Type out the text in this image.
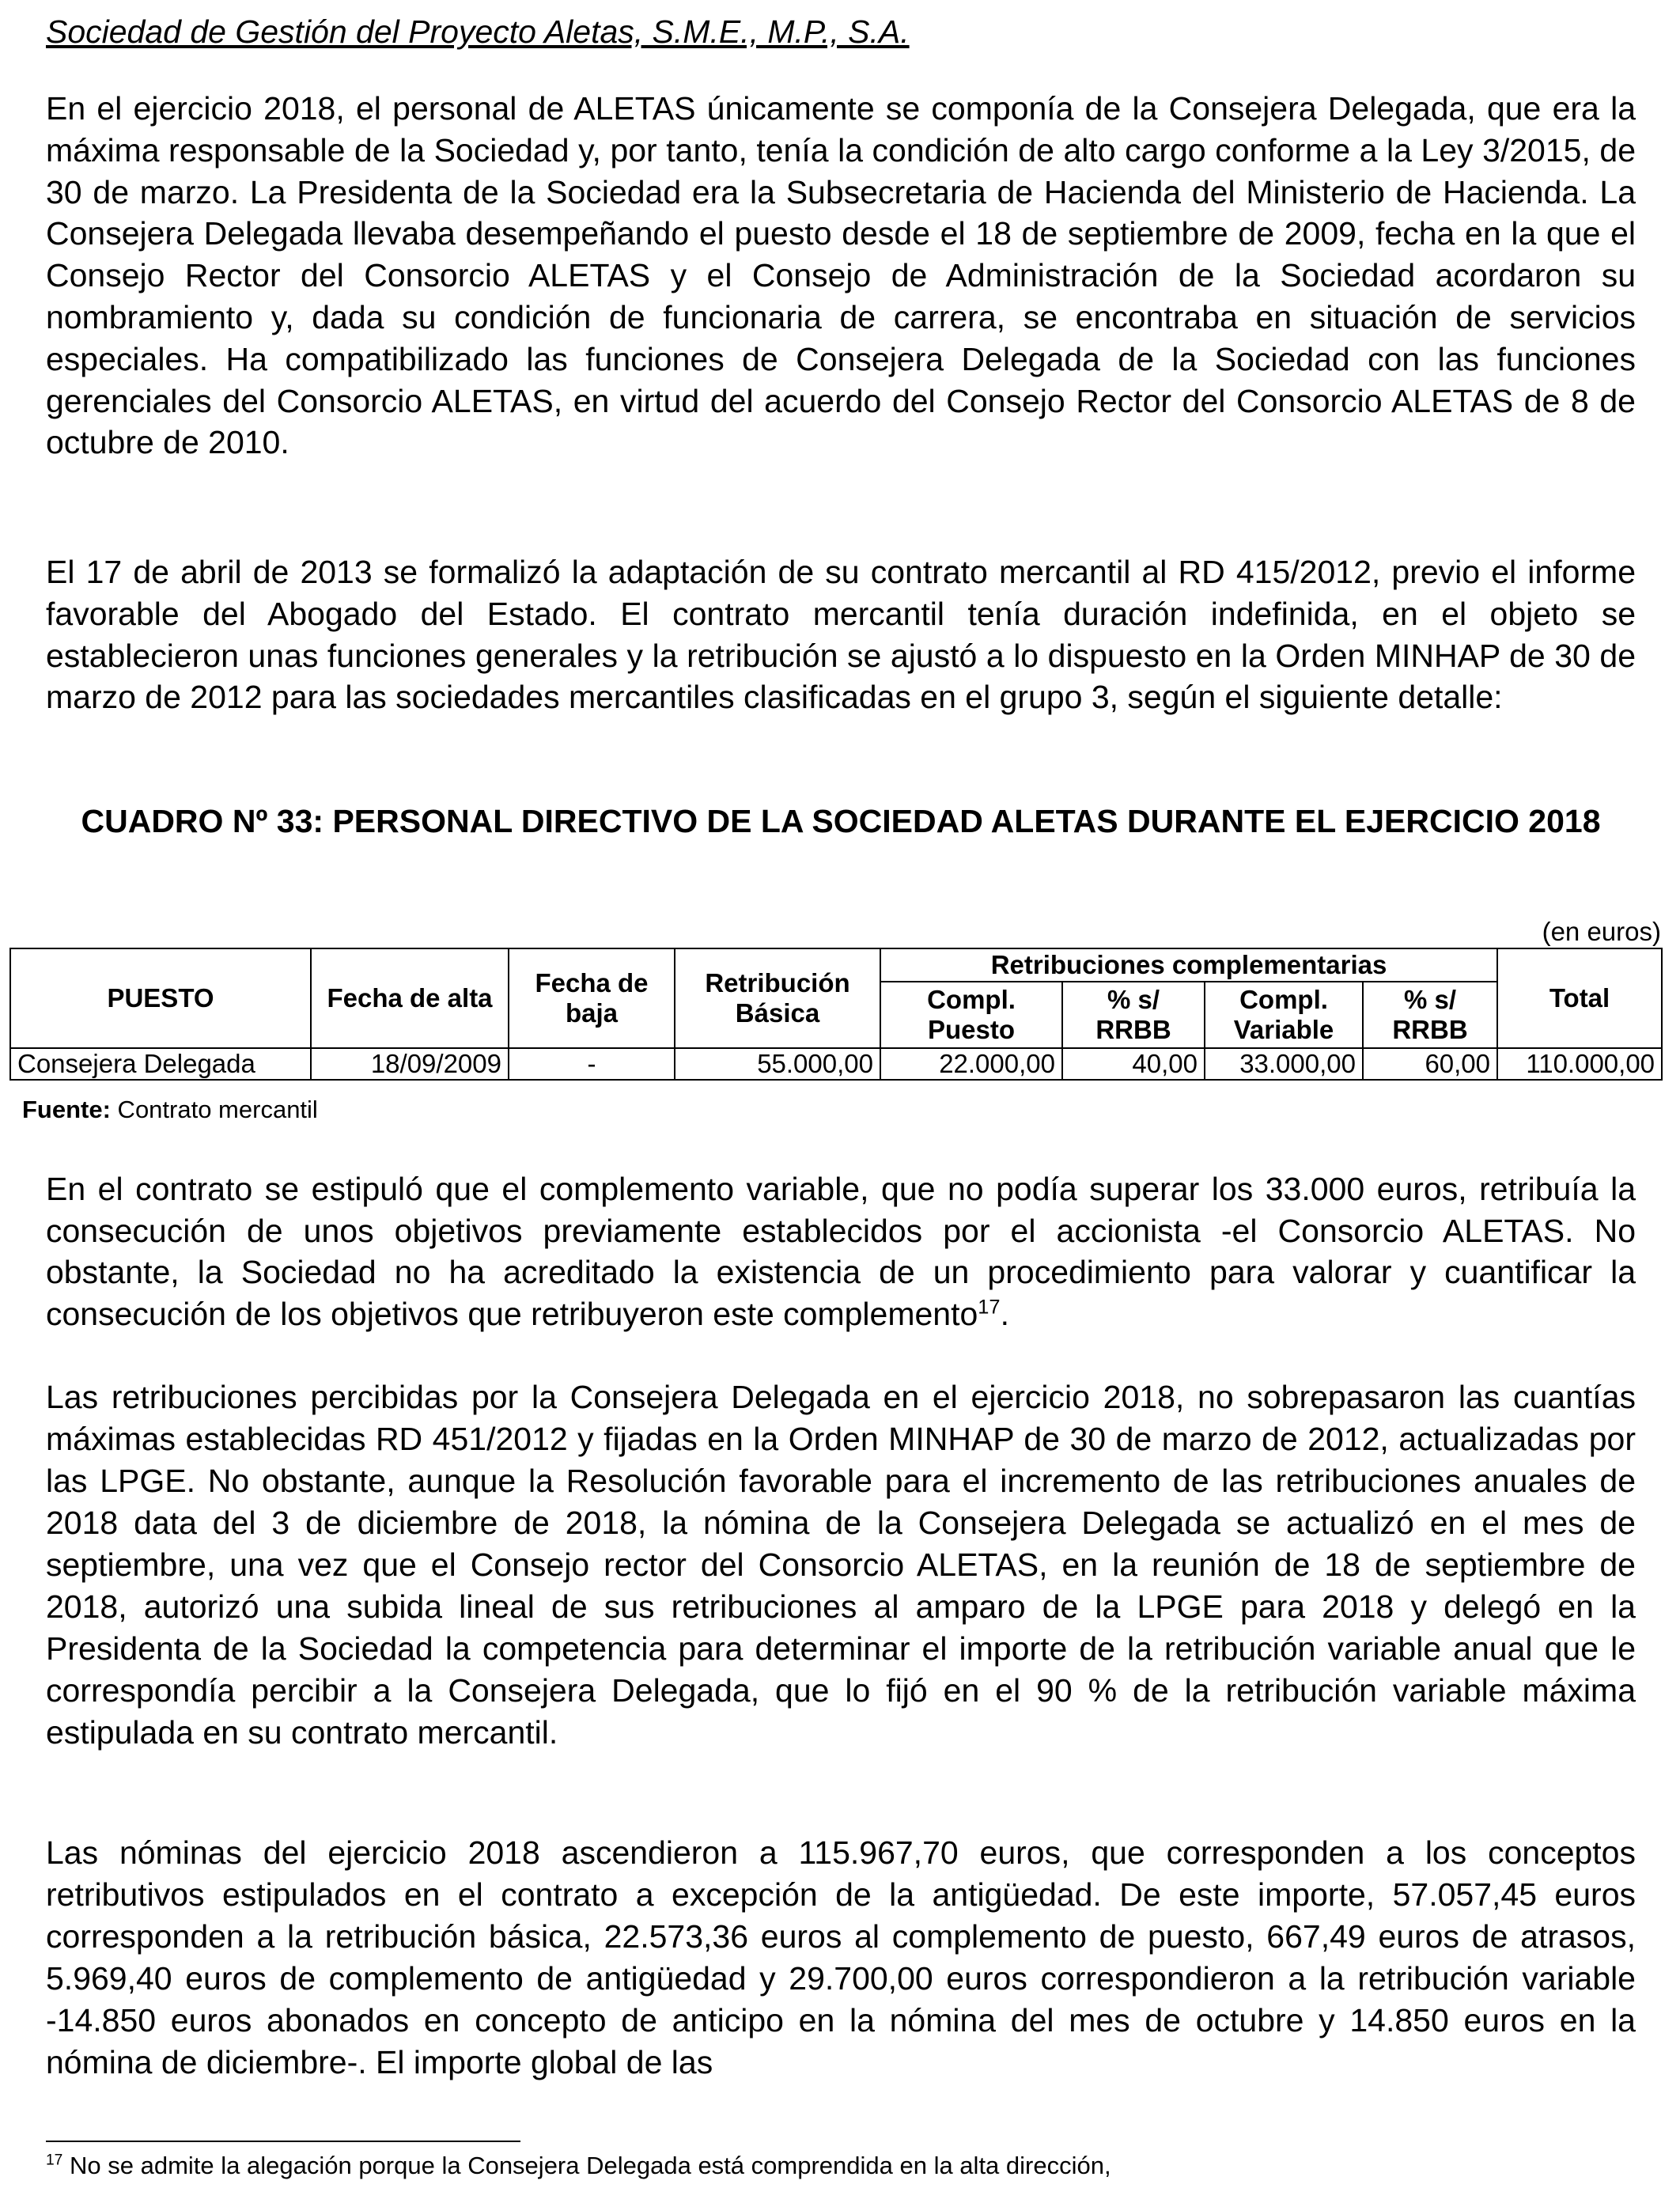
Sociedad de Gestión del Proyecto Aletas, S.M.E., M.P., S.A.

En el ejercicio 2018, el personal de ALETAS únicamente se componía de la Consejera Delegada, que era la máxima responsable de la Sociedad y, por tanto, tenía la condición de alto cargo conforme a la Ley 3/2015, de 30 de marzo. La Presidenta de la Sociedad era la Subsecretaria de Hacienda del Ministerio de Hacienda. La Consejera Delegada llevaba desempeñando el puesto desde el 18 de septiembre de 2009, fecha en la que el Consejo Rector del Consorcio ALETAS y el Consejo de Administración de la Sociedad acordaron su nombramiento y, dada su condición de funcionaria de carrera, se encontraba en situación de servicios especiales. Ha compatibilizado las funciones de Consejera Delegada de la Sociedad con las funciones gerenciales del Consorcio ALETAS, en virtud del acuerdo del Consejo Rector del Consorcio ALETAS de 8 de octubre de 2010.

El 17 de abril de 2013 se formalizó la adaptación de su contrato mercantil al RD 415/2012, previo el informe favorable del Abogado del Estado. El contrato mercantil tenía duración indefinida, en el objeto se establecieron unas funciones generales y la retribución se ajustó a lo dispuesto en la Orden MINHAP de 30 de marzo de 2012 para las sociedades mercantiles clasificadas en el grupo 3, según el siguiente detalle:

CUADRO Nº 33: PERSONAL DIRECTIVO DE LA SOCIEDAD ALETAS DURANTE EL EJERCICIO 2018
(en euros)
PUESTO	Fecha de alta	Fecha de baja	Retribución Básica	Retribuciones complementarias				Total
				Compl. Puesto	% s/ RRBB	Compl. Variable	% s/ RRBB	
Consejera Delegada	18/09/2009	-	55.000,00	22.000,00	40,00	33.000,00	60,00	110.000,00
Fuente: Contrato mercantil

En el contrato se estipuló que el complemento variable, que no podía superar los 33.000 euros, retribuía la consecución de unos objetivos previamente establecidos por el accionista -el Consorcio ALETAS. No obstante, la Sociedad no ha acreditado la existencia de un procedimiento para valorar y cuantificar la consecución de los objetivos que retribuyeron este complemento$^{17}$.

Las retribuciones percibidas por la Consejera Delegada en el ejercicio 2018, no sobrepasaron las cuantías máximas establecidas RD 451/2012 y fijadas en la Orden MINHAP de 30 de marzo de 2012, actualizadas por las LPGE. No obstante, aunque la Resolución favorable para el incremento de las retribuciones anuales de 2018 data del 3 de diciembre de 2018, la nómina de la Consejera Delegada se actualizó en el mes de septiembre, una vez que el Consejo rector del Consorcio ALETAS, en la reunión de 18 de septiembre de 2018, autorizó una subida lineal de sus retribuciones al amparo de la LPGE para 2018 y delegó en la Presidenta de la Sociedad la competencia para determinar el importe de la retribución variable anual que le correspondía percibir a la Consejera Delegada, que lo fijó en el 90 % de la retribución variable máxima estipulada en su contrato mercantil.

Las nóminas del ejercicio 2018 ascendieron a 115.967,70 euros, que corresponden a los conceptos retributivos estipulados en el contrato a excepción de la antigüedad. De este importe, 57.057,45 euros corresponden a la retribución básica, 22.573,36 euros al complemento de puesto, 667,49 euros de atrasos, 5.969,40 euros de complemento de antigüedad y 29.700,00 euros correspondieron a la retribución variable -14.850 euros abonados en concepto de anticipo en la nómina del mes de octubre y 14.850 euros en la nómina de diciembre-. El importe global de las

$^{17}$ No se admite la alegación porque la Consejera Delegada está comprendida en la alta dirección,
